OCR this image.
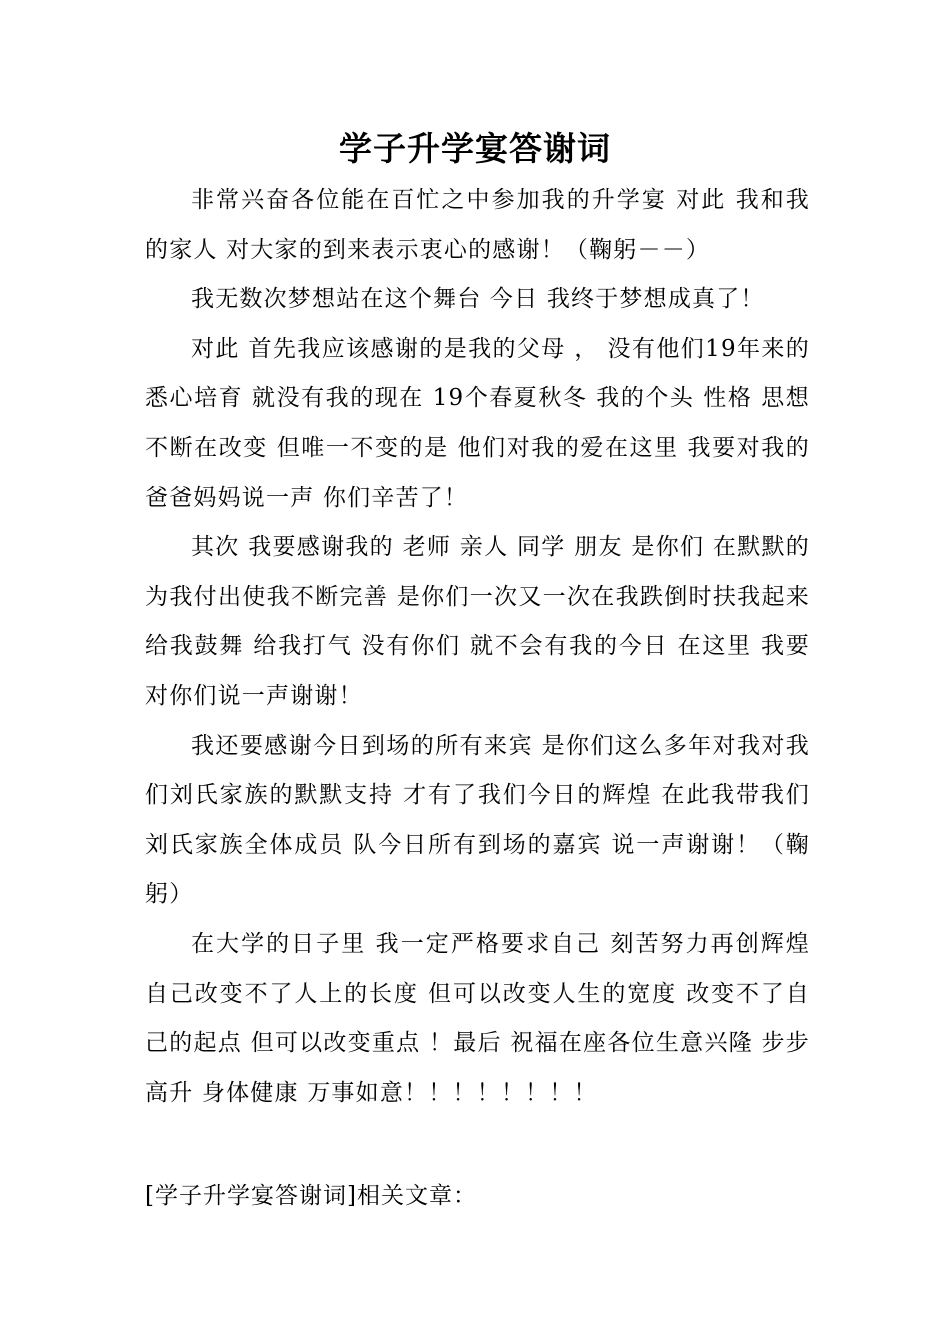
学子升学宴答谢词

非常兴奋各位能在百忙之中参加我的升学宴 对此 我和我的家人 对大家的到来表示衷心的感谢！（鞠躬－－）

我无数次梦想站在这个舞台 今日 我终于梦想成真了！

对此 首先我应该感谢的是我的父母 ， 没有他们19年来的悉心培育 就没有我的现在 19个春夏秋冬 我的个头 性格 思想不断在改变 但唯一不变的是 他们对我的爱在这里 我要对我的爸爸妈妈说一声 你们辛苦了！

其次 我要感谢我的 老师 亲人 同学 朋友 是你们 在默默的为我付出使我不断完善 是你们一次又一次在我跌倒时扶我起来 给我鼓舞 给我打气 没有你们 就不会有我的今日 在这里 我要对你们说一声谢谢！

我还要感谢今日到场的所有来宾 是你们这么多年对我对我们刘氏家族的默默支持 才有了我们今日的辉煌 在此我带我们刘氏家族全体成员 队今日所有到场的嘉宾 说一声谢谢！（鞠躬）

在大学的日子里 我一定严格要求自己 刻苦努力再创辉煌 自己改变不了人上的长度 但可以改变人生的宽度 改变不了自己的起点 但可以改变重点 ！最后 祝福在座各位生意兴隆 步步高升 身体健康 万事如意！！！！！！！！

[学子升学宴答谢词]相关文章：
